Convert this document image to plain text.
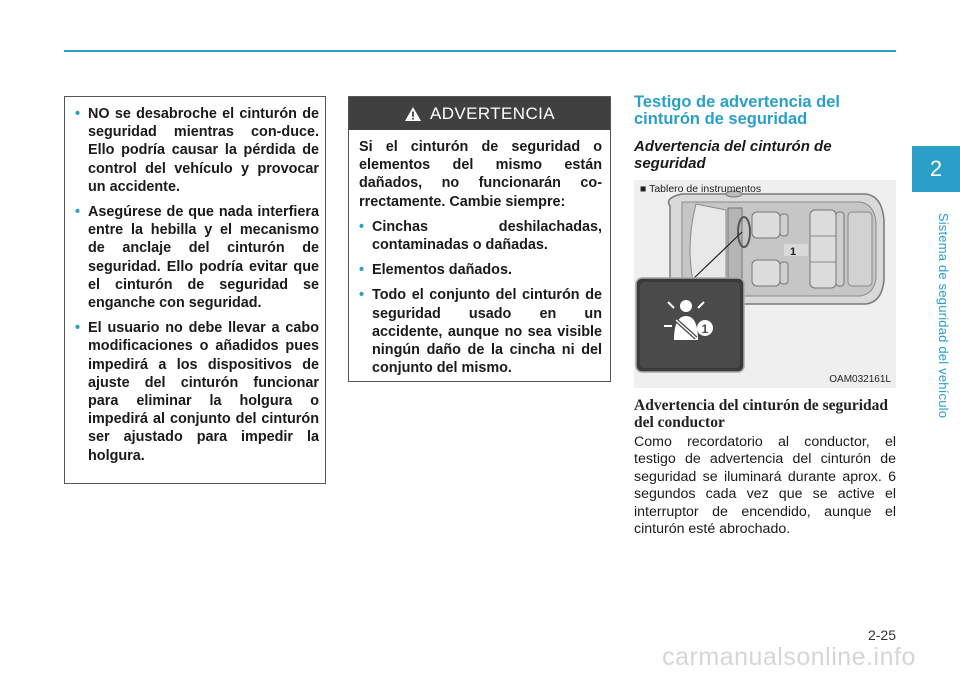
2
Sistema de seguridad del vehículo
• NO se desabroche el cinturón de seguridad mientras con-duce. Ello podría causar la pérdida de control del vehículo y provocar un accidente.
• Asegúrese de que nada interfiera entre la hebilla y el mecanismo de anclaje del cinturón de seguridad. Ello podría evitar que el cinturón de seguridad se enganche con seguridad.
• El usuario no debe llevar a cabo modificaciones o añadidos pues impedirá a los dispositivos de ajuste del cinturón funcionar para eliminar la holgura o impedirá al conjunto del cinturón ser ajustado para impedir la holgura.
ADVERTENCIA

Si el cinturón de seguridad o elementos del mismo están dañados, no funcionarán co-rrectamente. Cambie siempre:

• Cinchas deshilachadas, contaminadas o dañadas.
• Elementos dañados.
• Todo el conjunto del cinturón de seguridad usado en un accidente, aunque no sea visible ningún daño de la cincha ni del conjunto del mismo.
Testigo de advertencia del cinturón de seguridad
Advertencia del cinturón de seguridad
1
1
■ Tablero de instrumentos
OAM032161L
Advertencia del cinturón de seguridad del conductor

Como recordatorio al conductor, el testigo de advertencia del cinturón de seguridad se iluminará durante aprox. 6 segundos cada vez que se active el interruptor de encendido, aunque el cinturón esté abrochado.

2-25
carmanualsonline.info
